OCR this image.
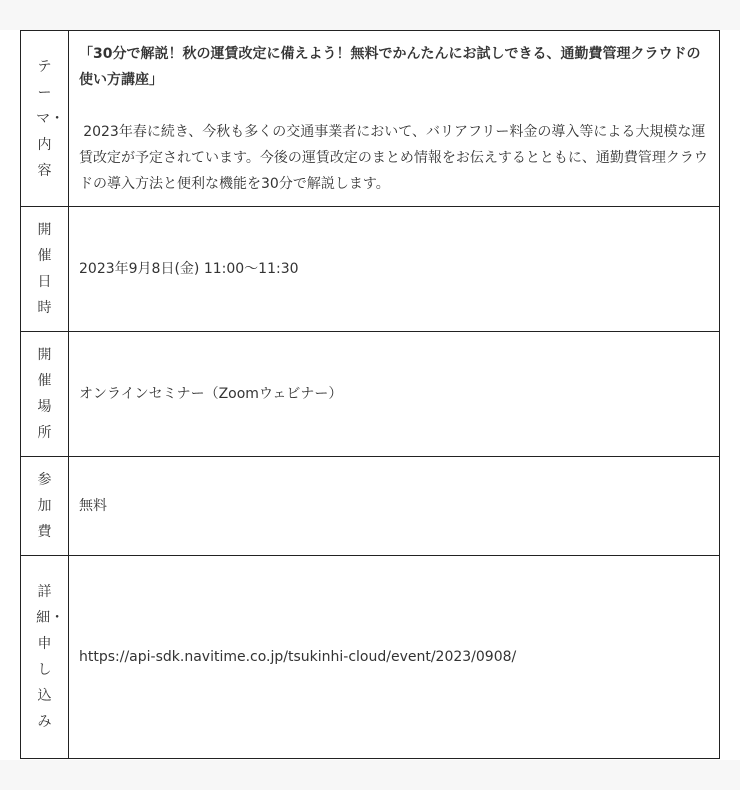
テーマ・内容	「30分で解説！秋の運賃改定に備えよう！無料でかんたんにお試しできる、通勤費管理クラウドの使い方講座」

2023年春に続き、今秋も多くの交通事業者において、バリアフリー料金の導入等による大規模な運賃改定が予定されています。今後の運賃改定のまとめ情報をお伝えするとともに、通勤費管理クラウドの導入方法と便利な機能を30分で解説します。

開催日時	2023年9月8日(金) 11:00〜11:30
開催場所	オンラインセミナー（Zoomウェビナー）
参加費	無料
詳細・申し込み	https://api-sdk.navitime.co.jp/tsukinhi-cloud/event/2023/0908/
